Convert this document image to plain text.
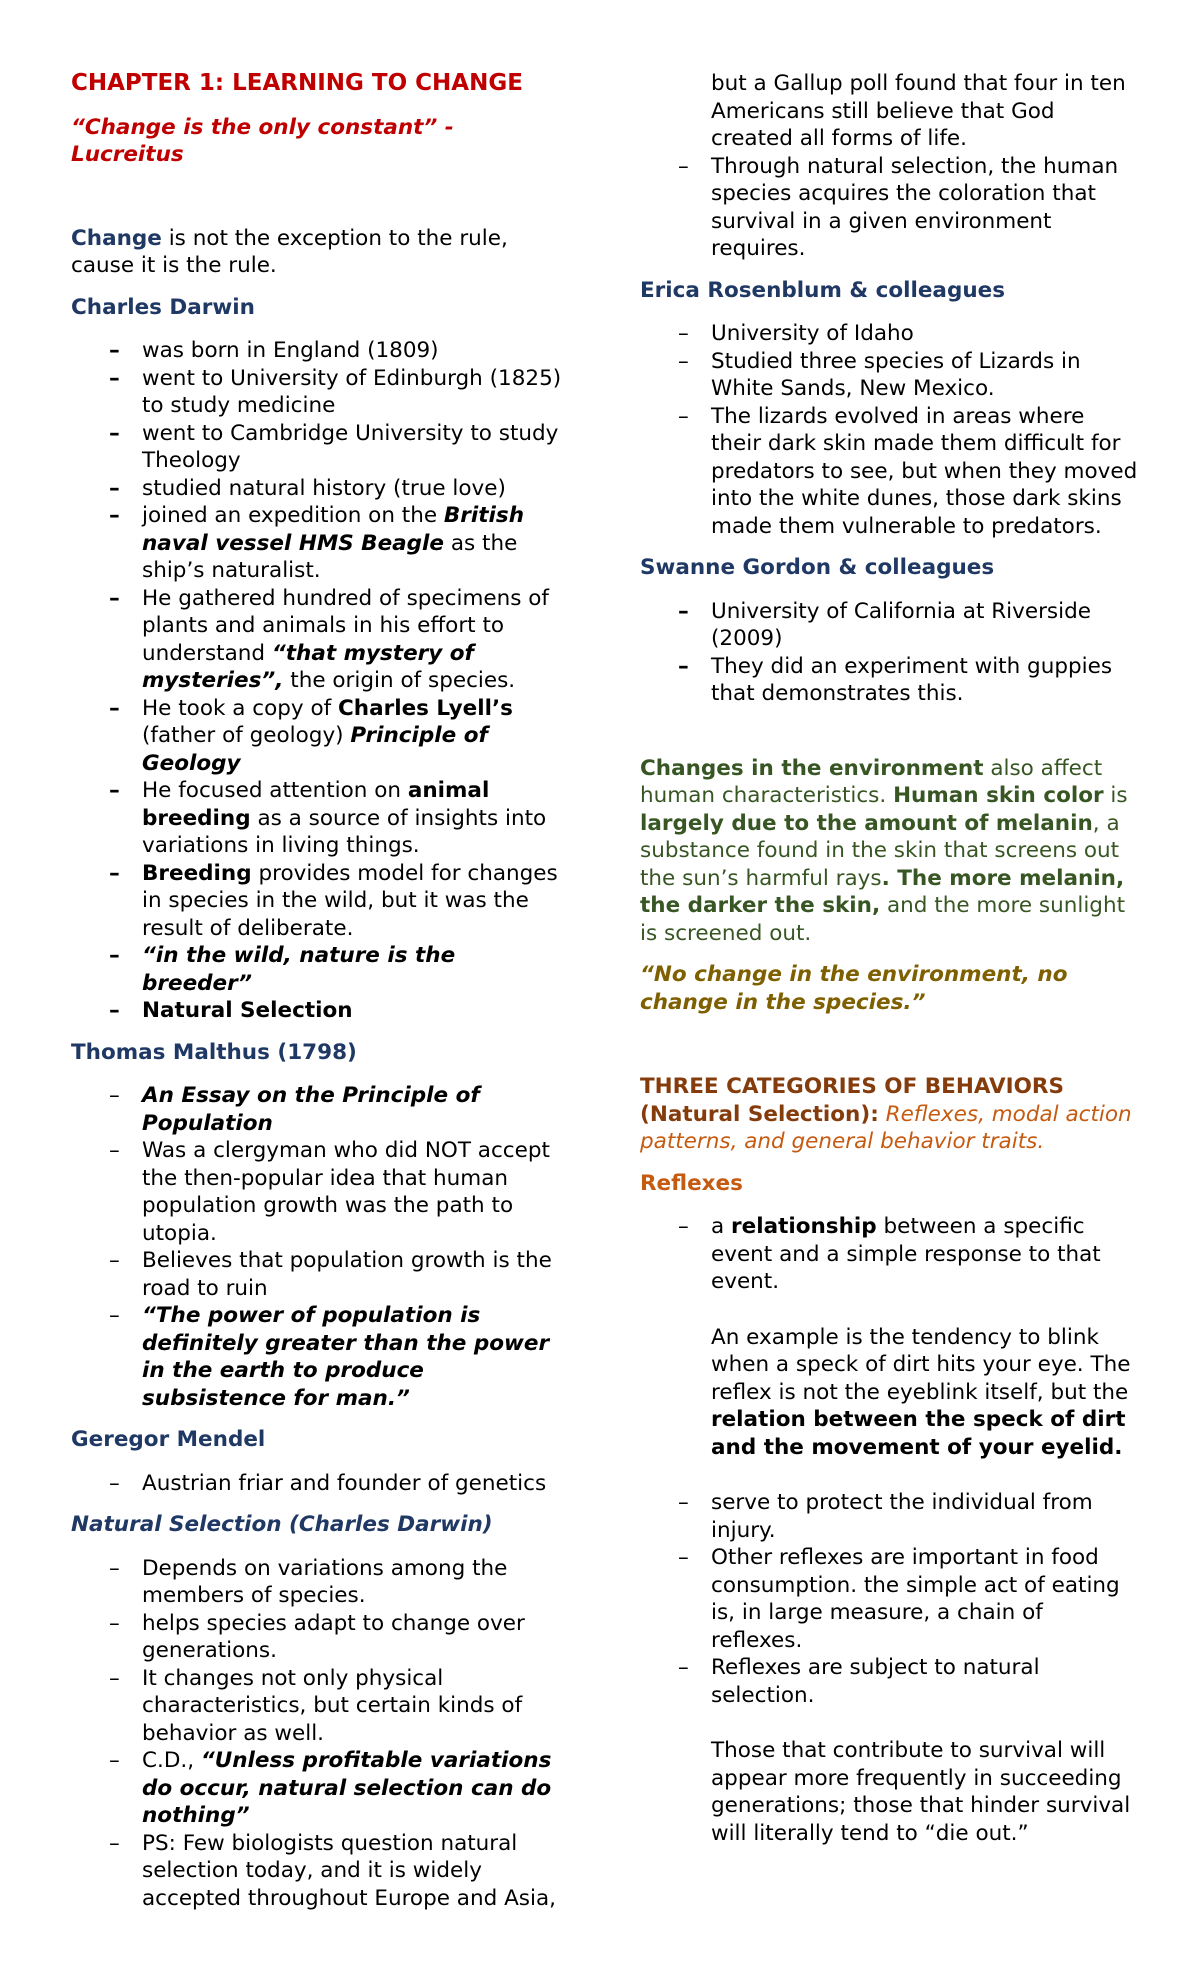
CHAPTER 1: LEARNING TO CHANGE

“Change is the only constant” - Lucreitus

Change is not the exception to the rule, cause it is the rule.

Charles Darwin

– was born in England (1809)
– went to University of Edinburgh (1825) to study medicine
– went to Cambridge University to study Theology
– studied natural history (true love)
– joined an expedition on the British naval vessel HMS Beagle as the ship’s naturalist.
– He gathered hundred of specimens of plants and animals in his effort to understand “that mystery of mysteries”, the origin of species.
– He took a copy of Charles Lyell’s (father of geology) Principle of Geology
– He focused attention on animal breeding as a source of insights into variations in living things.
– Breeding provides model for changes in species in the wild, but it was the result of deliberate.
– “in the wild, nature is the breeder”
– Natural Selection

Thomas Malthus (1798)

– An Essay on the Principle of Population
– Was a clergyman who did NOT accept the then-popular idea that human population growth was the path to utopia.
– Believes that population growth is the road to ruin
– “The power of population is definitely greater than the power in the earth to produce subsistence for man.”

Geregor Mendel

– Austrian friar and founder of genetics

Natural Selection (Charles Darwin)

– Depends on variations among the members of species.
– helps species adapt to change over generations.
– It changes not only physical characteristics, but certain kinds of behavior as well.
– C.D., “Unless profitable variations do occur, natural selection can do nothing”
– PS: Few biologists question natural selection today, and it is widely accepted throughout Europe and Asia,

but a Gallup poll found that four in ten Americans still believe that God created all forms of life.

– Through natural selection, the human species acquires the coloration that survival in a given environment requires.

Erica Rosenblum & colleagues

– University of Idaho
– Studied three species of Lizards in White Sands, New Mexico.
– The lizards evolved in areas where their dark skin made them difficult for predators to see, but when they moved into the white dunes, those dark skins made them vulnerable to predators.

Swanne Gordon & colleagues

– University of California at Riverside (2009)
– They did an experiment with guppies that demonstrates this.

Changes in the environment also affect human characteristics. Human skin color is largely due to the amount of melanin, a substance found in the skin that screens out the sun’s harmful rays. The more melanin, the darker the skin, and the more sunlight is screened out.

“No change in the environment, no change in the species.”

THREE CATEGORIES OF BEHAVIORS

(Natural Selection): Reflexes, modal action patterns, and general behavior traits.

Reflexes

– a relationship between a specific event and a simple response to that event.

An example is the tendency to blink when a speck of dirt hits your eye. The reflex is not the eyeblink itself, but the relation between the speck of dirt and the movement of your eyelid.

– serve to protect the individual from injury.
– Other reflexes are important in food consumption. the simple act of eating is, in large measure, a chain of reflexes.
– Reflexes are subject to natural selection.

Those that contribute to survival will appear more frequently in succeeding generations; those that hinder survival will literally tend to “die out.”
